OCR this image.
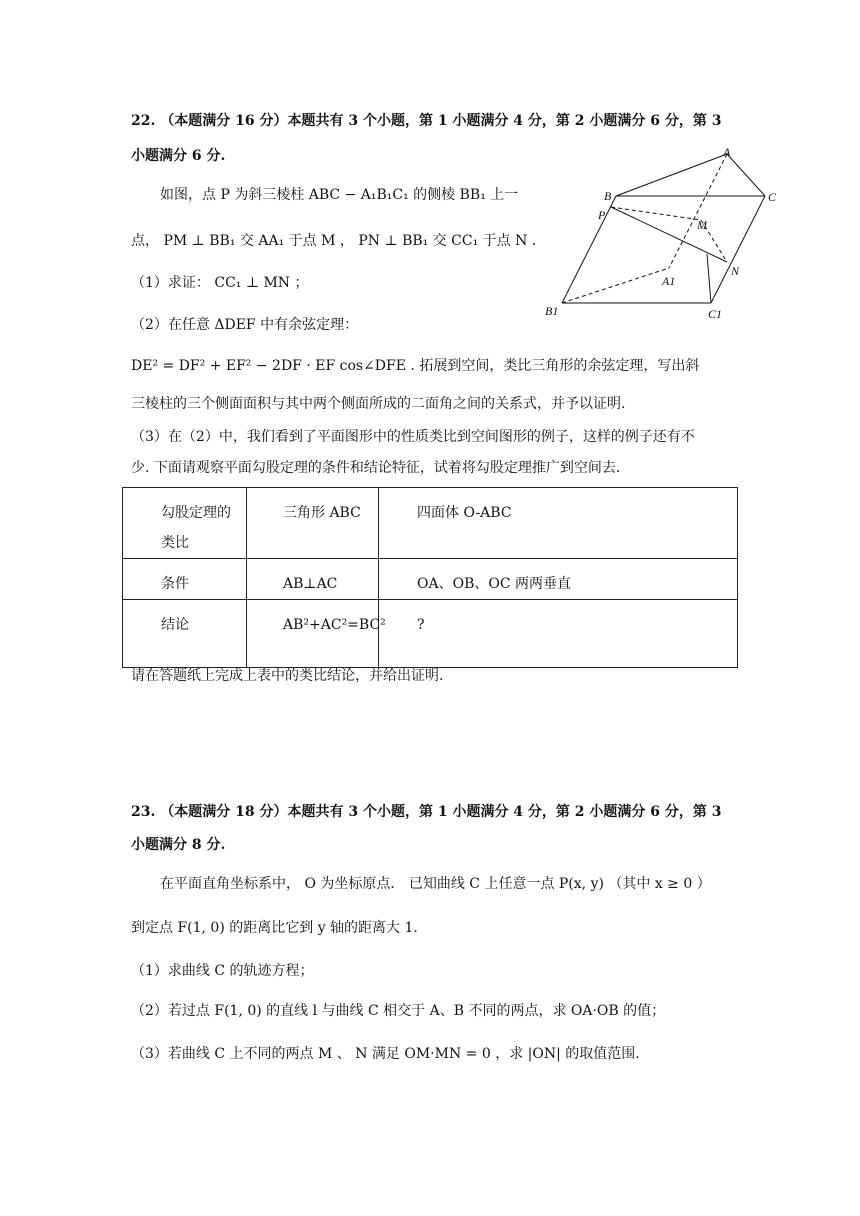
22. （本题满分 16 分）本题共有 3 个小题，第 1 小题满分 4 分，第 2 小题满分 6 分，第 3
小题满分 6 分.
如图，点 P 为斜三棱柱 ABC − A₁B₁C₁ 的侧棱 BB₁ 上一
点， PM ⊥ BB₁ 交 AA₁ 于点 M ， PN ⊥ BB₁ 交 CC₁ 于点 N .
（1）求证： CC₁ ⊥ MN ；
（2）在任意 ΔDEF 中有余弦定理：
DE² = DF² + EF² − 2DF · EF cos∠DFE . 拓展到空间，类比三角形的余弦定理，写出斜
三棱柱的三个侧面面积与其中两个侧面所成的二面角之间的关系式，并予以证明.
（3）在（2）中，我们看到了平面图形中的性质类比到空间图形的例子，这样的例子还有不
少. 下面请观察平面勾股定理的条件和结论特征，试着将勾股定理推广到空间去.
勾股定理的类比	三角形 ABC	四面体 O-ABC
条件	AB⊥AC	OA、OB、OC 两两垂直
结论	AB²+AC²=BC²	?
请在答题纸上完成上表中的类比结论，并给出证明.
A
B	C
P
M
N
A1
B1	C1
23. （本题满分 18 分）本题共有 3 个小题，第 1 小题满分 4 分，第 2 小题满分 6 分，第 3
小题满分 8 分.
在平面直角坐标系中， O 为坐标原点． 已知曲线 C 上任意一点 P(x, y) （其中 x ≥ 0 ）
到定点 F(1, 0) 的距离比它到 y 轴的距离大 1.
（1）求曲线 C 的轨迹方程；
（2）若过点 F(1, 0) 的直线 l 与曲线 C 相交于 A、B 不同的两点，求 OA·OB 的值；
（3）若曲线 C 上不同的两点 M 、 N 满足 OM·MN = 0 ，求 |ON| 的取值范围.
